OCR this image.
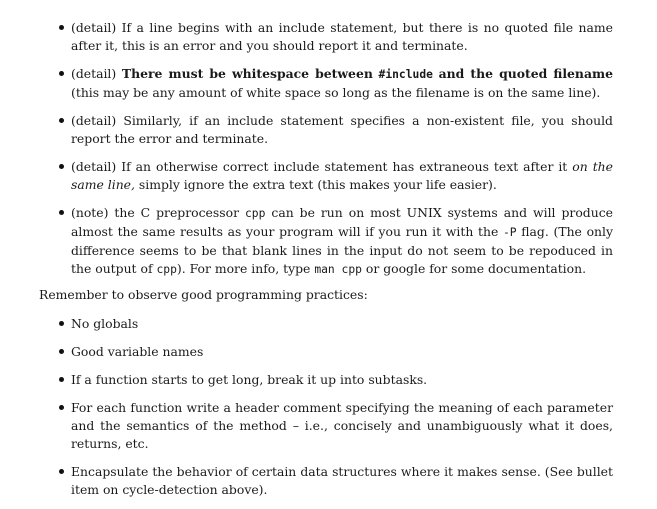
(detail) If a line begins with an include statement, but there is no quoted file name after it, this is an error and you should report it and terminate.
(detail) There must be whitespace between #include and the quoted filename (this may be any amount of white space so long as the filename is on the same line).
(detail) Similarly, if an include statement specifies a non-existent file, you should report the error and terminate.
(detail) If an otherwise correct include statement has extraneous text after it on the same line, simply ignore the extra text (this makes your life easier).
(note) the C preprocessor cpp can be run on most UNIX systems and will produce almost the same results as your program will if you run it with the -P flag. (The only difference seems to be that blank lines in the input do not seem to be repoduced in the output of cpp). For more info, type man cpp or google for some documentation.

Remember to observe good programming practices:

No globals
Good variable names
If a function starts to get long, break it up into subtasks.
For each function write a header comment specifying the meaning of each parameter and the semantics of the method – i.e., concisely and unambiguously what it does, returns, etc.
Encapsulate the behavior of certain data structures where it makes sense. (See bullet item on cycle-detection above).
